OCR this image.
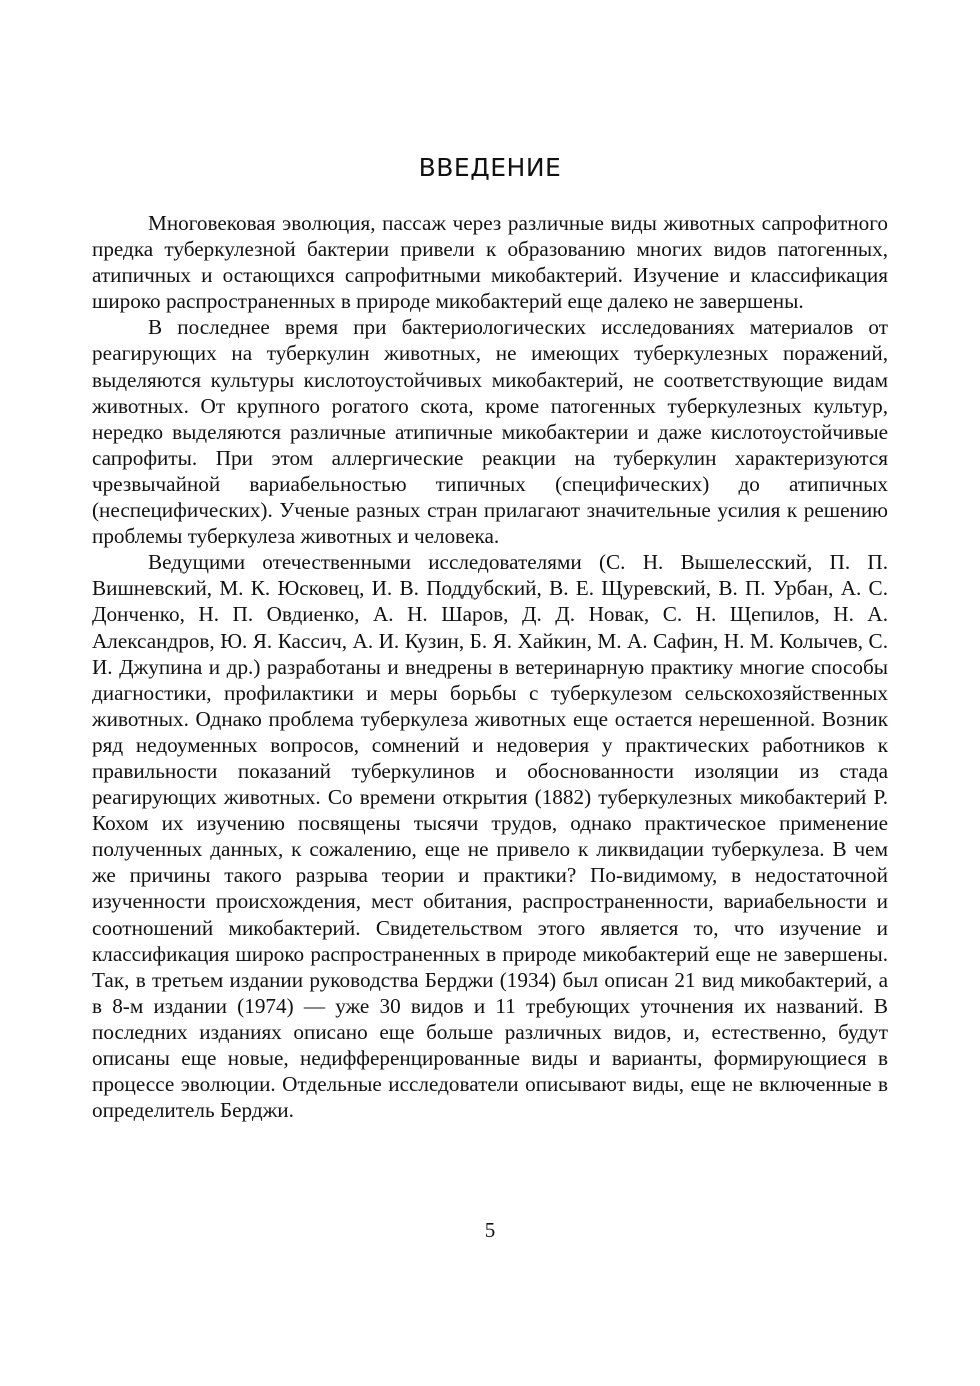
ВВЕДЕНИЕ

Многовековая эволюция, пассаж через различные виды животных сапрофитного предка туберкулезной бактерии привели к образованию многих видов патогенных, атипичных и остающихся сапрофитными микобактерий. Изучение и классификация широко распространенных в природе микобактерий еще далеко не завершены.

В последнее время при бактериологических исследованиях материалов от реагирующих на туберкулин животных, не имеющих туберкулезных поражений, выделяются культуры кислотоустойчивых микобактерий, не соответствующие видам животных. От крупного рогатого скота, кроме патогенных туберкулезных культур, нередко выделяются различные атипичные микобактерии и даже кислотоустойчивые сапрофиты. При этом аллергические реакции на туберкулин характеризуются чрезвычайной вариабельностью типичных (специфических) до атипичных (неспецифических). Ученые разных стран прилагают значительные усилия к решению проблемы туберкулеза животных и человека.

Ведущими отечественными исследователями (С. Н. Вышелесский, П. П. Вишневский, М. К. Юсковец, И. В. Поддубский, В. Е. Щуревский, В. П. Урбан, А. С. Донченко, Н. П. Овдиенко, А. Н. Шаров, Д. Д. Новак, С. Н. Щепилов, Н. А. Александров, Ю. Я. Кассич, А. И. Кузин, Б. Я. Хайкин, М. А. Сафин, Н. М. Колычев, С. И. Джупина и др.) разработаны и внедрены в ветеринарную практику многие способы диагностики, профилактики и меры борьбы с туберкулезом сельскохозяйственных животных. Однако проблема туберкулеза животных еще остается нерешенной. Возник ряд недоуменных вопросов, сомнений и недоверия у практических работников к правильности показаний туберкулинов и обоснованности изоляции из стада реагирующих животных. Со времени открытия (1882) туберкулезных микобактерий Р. Кохом их изучению посвящены тысячи трудов, однако практическое применение полученных данных, к сожалению, еще не привело к ликвидации туберкулеза. В чем же причины такого разрыва теории и практики? По-видимому, в недостаточной изученности происхождения, мест обитания, распространенности, вариабельности и соотношений микобактерий. Свидетельством этого является то, что изучение и классификация широко распространенных в природе микобактерий еще не завершены. Так, в третьем издании руководства Берджи (1934) был описан 21 вид микобактерий, а в 8-м издании (1974) — уже 30 видов и 11 требующих уточнения их названий. В последних изданиях описано еще больше различных видов, и, естественно, будут описаны еще новые, недифференцированные виды и варианты, формирующиеся в процессе эволюции. Отдельные исследователи описывают виды, еще не включенные в определитель Берджи.

5
